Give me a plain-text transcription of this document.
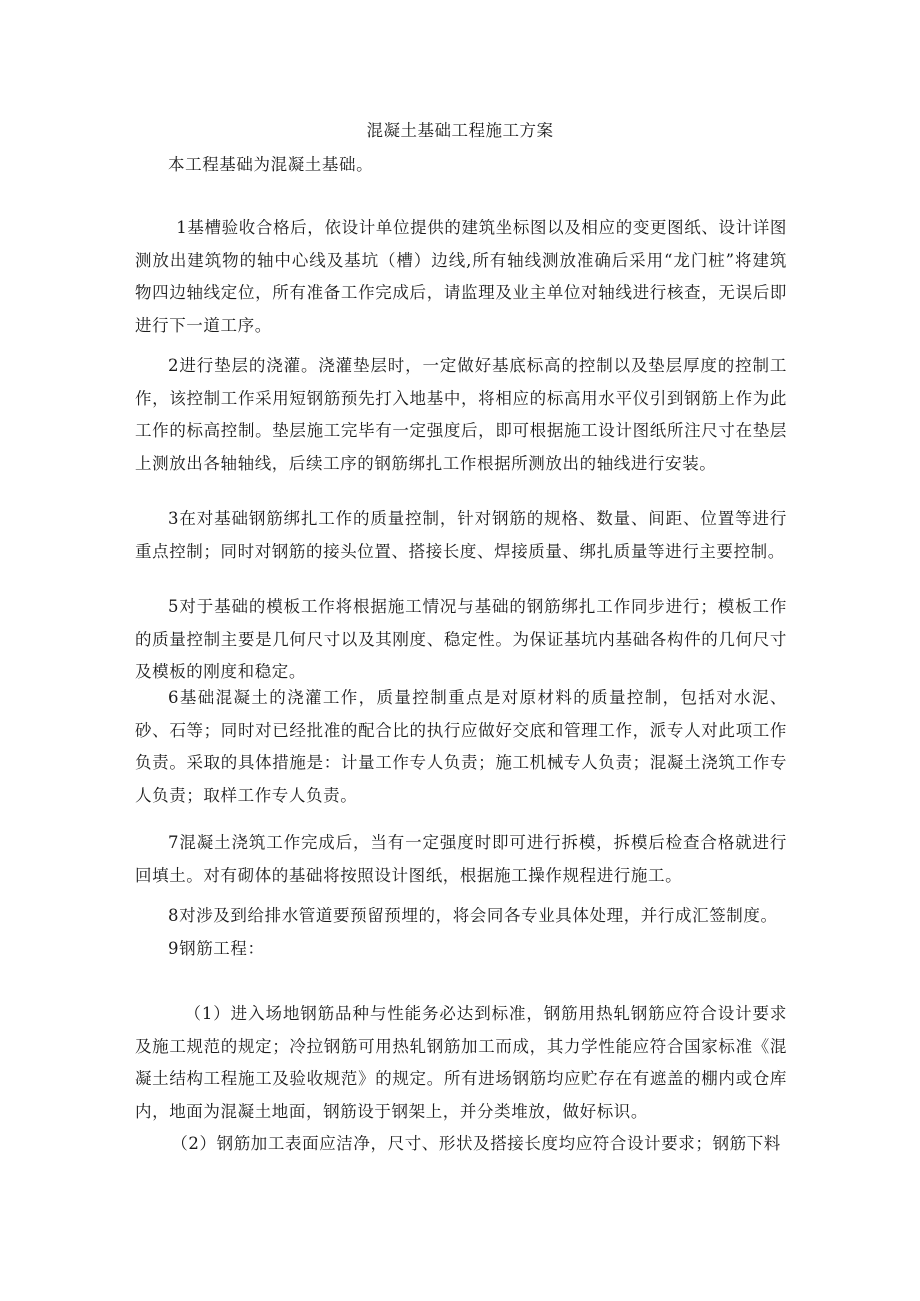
混凝土基础工程施工方案

本工程基础为混凝土基础。

1基槽验收合格后，依设计单位提供的建筑坐标图以及相应的变更图纸、设计详图测放出建筑物的轴中心线及基坑（槽）边线,所有轴线测放准确后采用“龙门桩”将建筑物四边轴线定位，所有准备工作完成后，请监理及业主单位对轴线进行核查，无误后即进行下一道工序。

2进行垫层的浇灌。浇灌垫层时，一定做好基底标高的控制以及垫层厚度的控制工作，该控制工作采用短钢筋预先打入地基中，将相应的标高用水平仪引到钢筋上作为此工作的标高控制。垫层施工完毕有一定强度后，即可根据施工设计图纸所注尺寸在垫层上测放出各轴轴线，后续工序的钢筋绑扎工作根据所测放出的轴线进行安装。

3在对基础钢筋绑扎工作的质量控制，针对钢筋的规格、数量、间距、位置等进行重点控制；同时对钢筋的接头位置、搭接长度、焊接质量、绑扎质量等进行主要控制。

5对于基础的模板工作将根据施工情况与基础的钢筋绑扎工作同步进行；模板工作的质量控制主要是几何尺寸以及其刚度、稳定性。为保证基坑内基础各构件的几何尺寸及模板的刚度和稳定。

6基础混凝土的浇灌工作，质量控制重点是对原材料的质量控制，包括对水泥、砂、石等；同时对已经批准的配合比的执行应做好交底和管理工作，派专人对此项工作负责。采取的具体措施是：计量工作专人负责；施工机械专人负责；混凝土浇筑工作专人负责；取样工作专人负责。

7混凝土浇筑工作完成后，当有一定强度时即可进行拆模，拆模后检查合格就进行回填土。对有砌体的基础将按照设计图纸，根据施工操作规程进行施工。

8对涉及到给排水管道要预留预埋的，将会同各专业具体处理，并行成汇签制度。

9钢筋工程：

（1）进入场地钢筋品种与性能务必达到标准，钢筋用热轧钢筋应符合设计要求及施工规范的规定；冷拉钢筋可用热轧钢筋加工而成，其力学性能应符合国家标准《混凝土结构工程施工及验收规范》的规定。所有进场钢筋均应贮存在有遮盖的棚内或仓库内，地面为混凝土地面，钢筋设于钢架上，并分类堆放，做好标识。

（2）钢筋加工表面应洁净，尺寸、形状及搭接长度均应符合设计要求；钢筋下料
